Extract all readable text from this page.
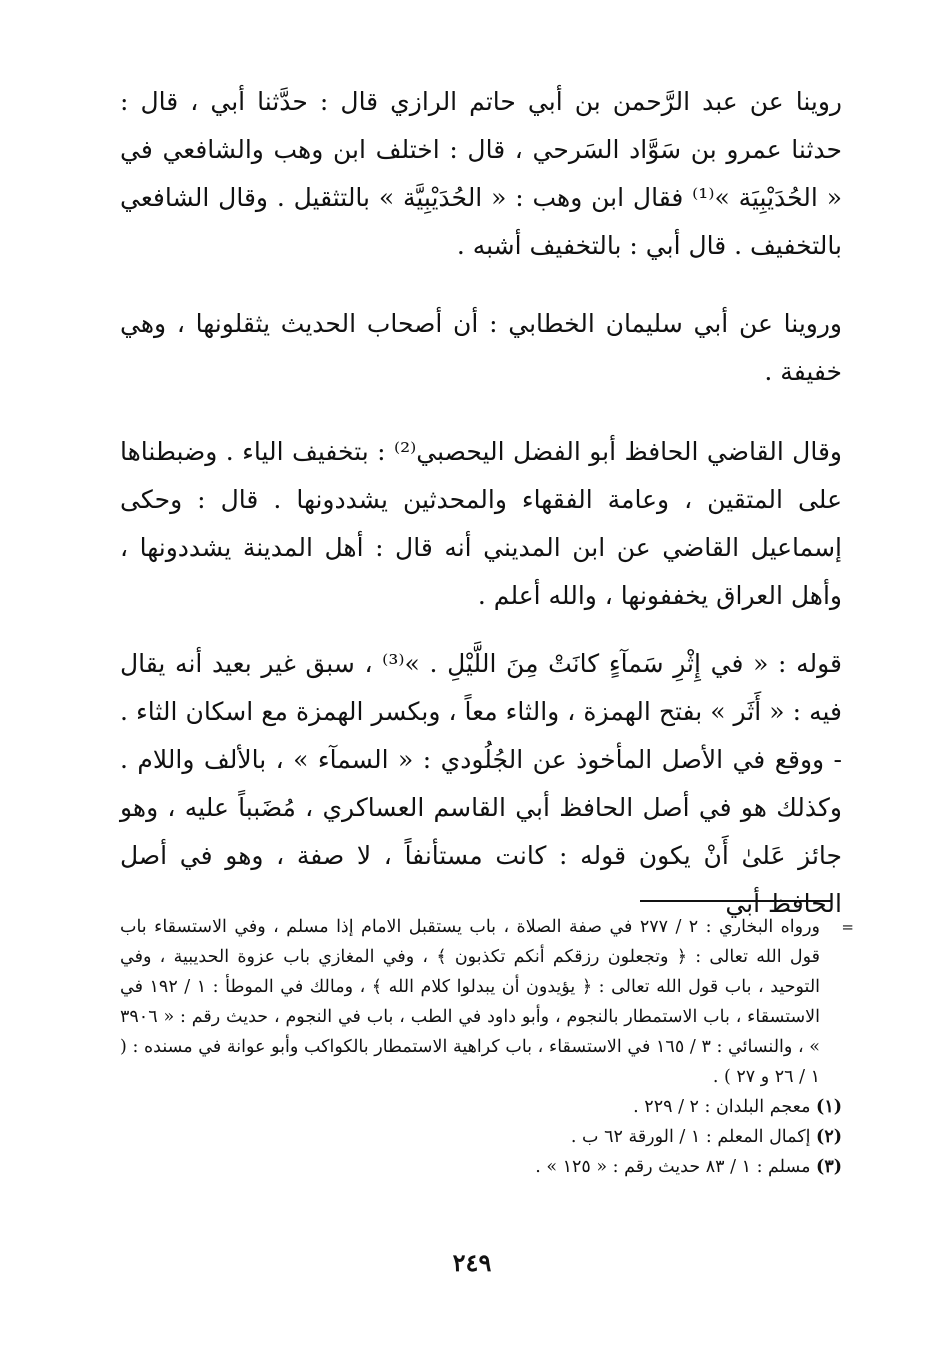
روينا عن عبد الرَّحمن بن أبي حاتم الرازي قال : حدَّثنا أبي ، قال : حدثنا عمرو بن سَوَّاد السَرحي ، قال : اختلف ابن وهب والشافعي في « الحُدَيْبِيَة »⁽¹⁾ فقال ابن وهب : « الحُدَيْبِيَّة » بالتثقيل . وقال الشافعي بالتخفيف . قال أبي : بالتخفيف أشبه .

وروينا عن أبي سليمان الخطابي : أن أصحاب الحديث يثقلونها ، وهي خفيفة .

وقال القاضي الحافظ أبو الفضل اليحصبي⁽²⁾ : بتخفيف الياء . وضبطناها على المتقين ، وعامة الفقهاء والمحدثين يشددونها . قال : وحكى إسماعيل القاضي عن ابن المديني أنه قال : أهل المدينة يشددونها ، وأهل العراق يخففونها ، والله أعلم .

قوله : « في إِثْرِ سَمآءٍ كانَتْ مِنَ اللَّيْلِ . »⁽³⁾ ، سبق غير بعيد أنه يقال فيه : « أَثَر » بفتح الهمزة ، والثاء معاً ، وبكسر الهمزة مع اسكان الثاء . - ووقع في الأصل المأخوذ عن الجُلُودي : « السمآء » ، بالألف واللام . وكذلك هو في أصل الحافظ أبي القاسم العساكري ، مُضَبباً عليه ، وهو جائز عَلىٰ أَنْ يكون قوله : كانت مستأنفاً ، لا صفة ، وهو في أصل الحافظ أبي

=
ورواه البخاري : ٢ / ٢٧٧ في صفة الصلاة ، باب يستقبل الامام إذا مسلم ، وفي الاستسقاء باب قول الله تعالى : ﴿ وتجعلون رزقكم أنكم تكذبون ﴾ ، وفي المغازي باب عزوة الحديبية ، وفي التوحيد ، باب قول الله تعالى : ﴿ يؤيدون أن يبدلوا كلام الله ﴾ ، ومالك في الموطأ : ١ / ١٩٢ في الاستسقاء ، باب الاستمطار بالنجوم ، وأبو داود في الطب ، باب في النجوم ، حديث رقم : « ٣٩٠٦ » ، والنسائي : ٣ / ١٦٥ في الاستسقاء ، باب كراهية الاستمطار بالكواكب وأبو عوانة في مسنده : ( ١ / ٢٦ و ٢٧ ) .

(١) معجم البلدان : ٢ / ٢٢٩ .

(٢) إكمال المعلم : ١ / الورقة ٦٢ ب .

(٣) مسلم : ١ / ٨٣ حديث رقم : « ١٢٥ » .

٢٤٩
